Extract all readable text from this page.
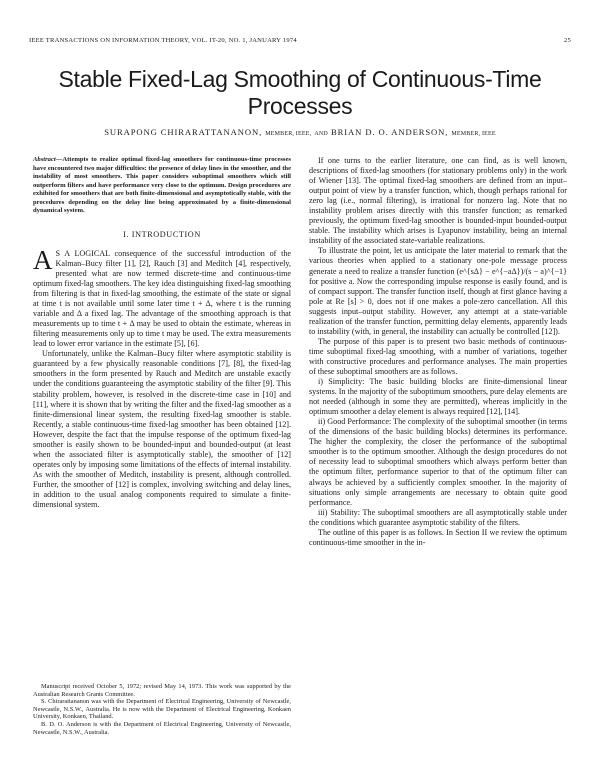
IEEE TRANSACTIONS ON INFORMATION THEORY, VOL. IT-20, NO. 1, JANUARY 1974	25
Stable Fixed-Lag Smoothing of Continuous-Time Processes
SURAPONG CHIRARATTANANON, MEMBER, IEEE, AND BRIAN D. O. ANDERSON, MEMBER, IEEE

Abstract—Attempts to realize optimal fixed-lag smoothers for continuous-time processes have encountered two major difficulties: the presence of delay lines in the smoother, and the instability of most smoothers. This paper considers suboptimal smoothers which still outperform filters and have performance very close to the optimum. Design procedures are exhibited for smoothers that are both finite-dimensional and asymptotically stable, with the procedures depending on the delay line being approximated by a finite-dimensional dynamical system.

I. INTRODUCTION

A S A LOGICAL consequence of the successful introduction of the Kalman–Bucy filter [1], [2], Rauch [3] and Meditch [4], respectively, presented what are now termed discrete-time and continuous-time optimum fixed-lag smoothers. The key idea distinguishing fixed-lag smoothing from filtering is that in fixed-lag smoothing, the estimate of the state or signal at time t is not available until some later time t + Δ, where t is the running variable and Δ a fixed lag. The advantage of the smoothing approach is that measurements up to time t + Δ may be used to obtain the estimate, whereas in filtering measurements only up to time t may be used. The extra measurements lead to lower error variance in the estimate [5], [6].

Unfortunately, unlike the Kalman–Bucy filter where asymptotic stability is guaranteed by a few physically reasonable conditions [7], [8], the fixed-lag smoothers in the form presented by Rauch and Meditch are unstable exactly under the conditions guaranteeing the asymptotic stability of the filter [9]. This stability problem, however, is resolved in the discrete-time case in [10] and [11], where it is shown that by writing the filter and the fixed-lag smoother as a finite-dimensional linear system, the resulting fixed-lag smoother is stable. Recently, a stable continuous-time fixed-lag smoother has been obtained [12]. However, despite the fact that the impulse response of the optimum fixed-lag smoother is easily shown to be bounded-input and bounded-output (at least when the associated filter is asymptotically stable), the smoother of [12] operates only by imposing some limitations of the effects of internal instability. As with the smoother of Meditch, instability is present, although controlled. Further, the smoother of [12] is complex, involving switching and delay lines, in addition to the usual analog components required to simulate a finite-dimensional system.

Manuscript received October 5, 1972; revised May 14, 1973. This work was supported by the Australian Research Grants Committee.

S. Chirarattananon was with the Department of Electrical Engineering, University of Newcastle, Newcastle, N.S.W., Australia. He is now with the Department of Electrical Engineering, Konkaen University, Konkaen, Thailand.

B. D. O. Anderson is with the Department of Electrical Engineering, University of Newcastle, Newcastle, N.S.W., Australia.

If one turns to the earlier literature, one can find, as is well known, descriptions of fixed-lag smoothers (for stationary problems only) in the work of Wiener [13]. The optimal fixed-lag smoothers are defined from an input–output point of view by a transfer function, which, though perhaps rational for zero lag (i.e., normal filtering), is irrational for nonzero lag. Note that no instability problem arises directly with this transfer function; as remarked previously, the optimum fixed-lag smoother is bounded-input bounded-output stable. The instability which arises is Lyapunov instability, being an internal instability of the associated state-variable realizations.

To illustrate the point, let us anticipate the later material to remark that the various theories when applied to a stationary one-pole message process generate a need to realize a transfer function (e^{sΔ} − e^{−aΔ})/(s − a)^{−1} for positive a. Now the corresponding impulse response is easily found, and is of compact support. The transfer function itself, though at first glance having a pole at Re [s] > 0, does not if one makes a pole-zero cancellation. All this suggests input–output stability. However, any attempt at a state-variable realization of the transfer function, permitting delay elements, apparently leads to instability (with, in general, the instability can actually be controlled [12]).

The purpose of this paper is to present two basic methods of continuous-time suboptimal fixed-lag smoothing, with a number of variations, together with constructive procedures and performance analyses. The main properties of these suboptimal smoothers are as follows.

i) Simplicity: The basic building blocks are finite-dimensional linear systems. In the majority of the suboptimum smoothers, pure delay elements are not needed (although in some they are permitted), whereas implicitly in the optimum smoother a delay element is always required [12], [14].

ii) Good Performance: The complexity of the suboptimal smoother (in terms of the dimensions of the basic building blocks) determines its performance. The higher the complexity, the closer the performance of the suboptimal smoother is to the optimum smoother. Although the design procedures do not of necessity lead to suboptimal smoothers which always perform better than the optimum filter, performance superior to that of the optimum filter can always be achieved by a sufficiently complex smoother. In the majority of situations only simple arrangements are necessary to obtain quite good performance.

iii) Stability: The suboptimal smoothers are all asymptotically stable under the conditions which guarantee asymptotic stability of the filters.

The outline of this paper is as follows. In Section II we review the optimum continuous-time smoother in the in-
